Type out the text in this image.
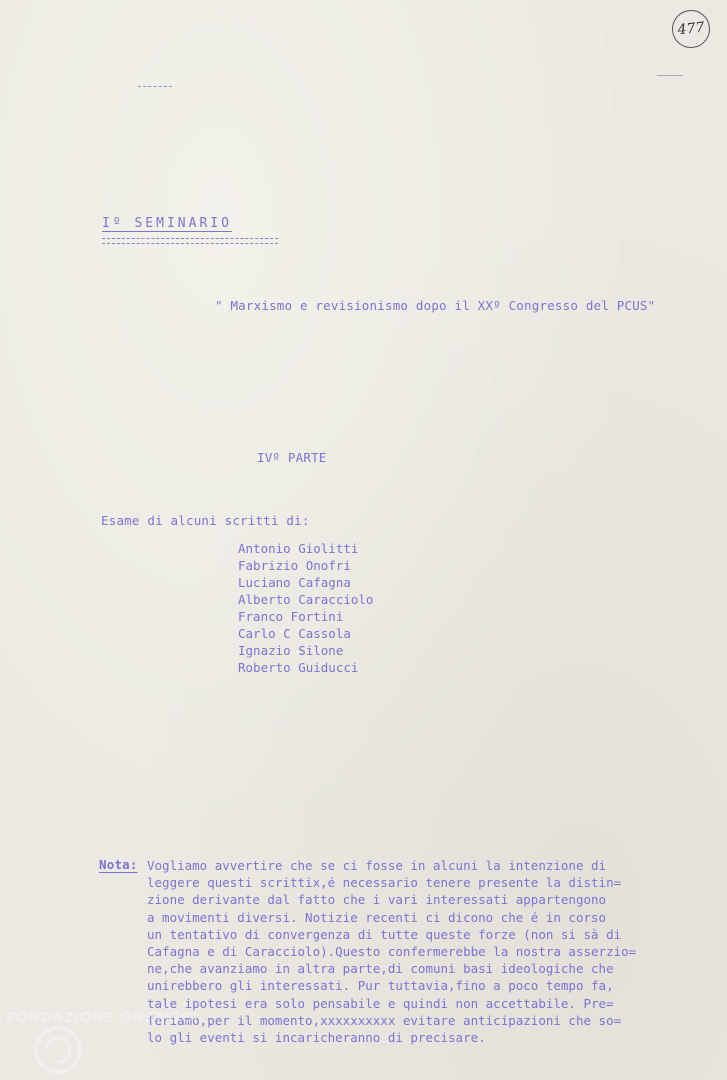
477
Iº SEMINARIO
" Marxismo e revisionismo dopo il XXº Congresso del PCUS"
IVº PARTE
Esame di alcuni scritti di:
Antonio Giolitti
Fabrizio Onofri
Luciano Cafagna
Alberto Caracciolo
Franco Fortini
Carlo C Cassola
Ignazio Silone
Roberto Guiducci
Nota: Vogliamo avvertire che se ci fosse in alcuni la intenzione di
leggere questi scrittix,é necessario tenere presente la distin=
zione derivante dal fatto che i vari interessati appartengono
a movimenti diversi. Notizie recenti ci dicono che é in corso
un tentativo di convergenza di tutte queste forze (non si sà di
Cafagna e di Caracciolo).Questo confermerebbe la nostra asserzio=
ne,che avanziamo in altra parte,di comuni basi ideologiche che
unirebbero gli interessati. Pur tuttavia,fino a poco tempo fa,
tale ipotesi era solo pensabile e quindi non accettabile. Pre=
feriamo,per il momento,xxxxxxxxxx evitare anticipazioni che so=
lo gli eventi si incaricheranno di precisare.
FONDAZIONE GRAMSCI
